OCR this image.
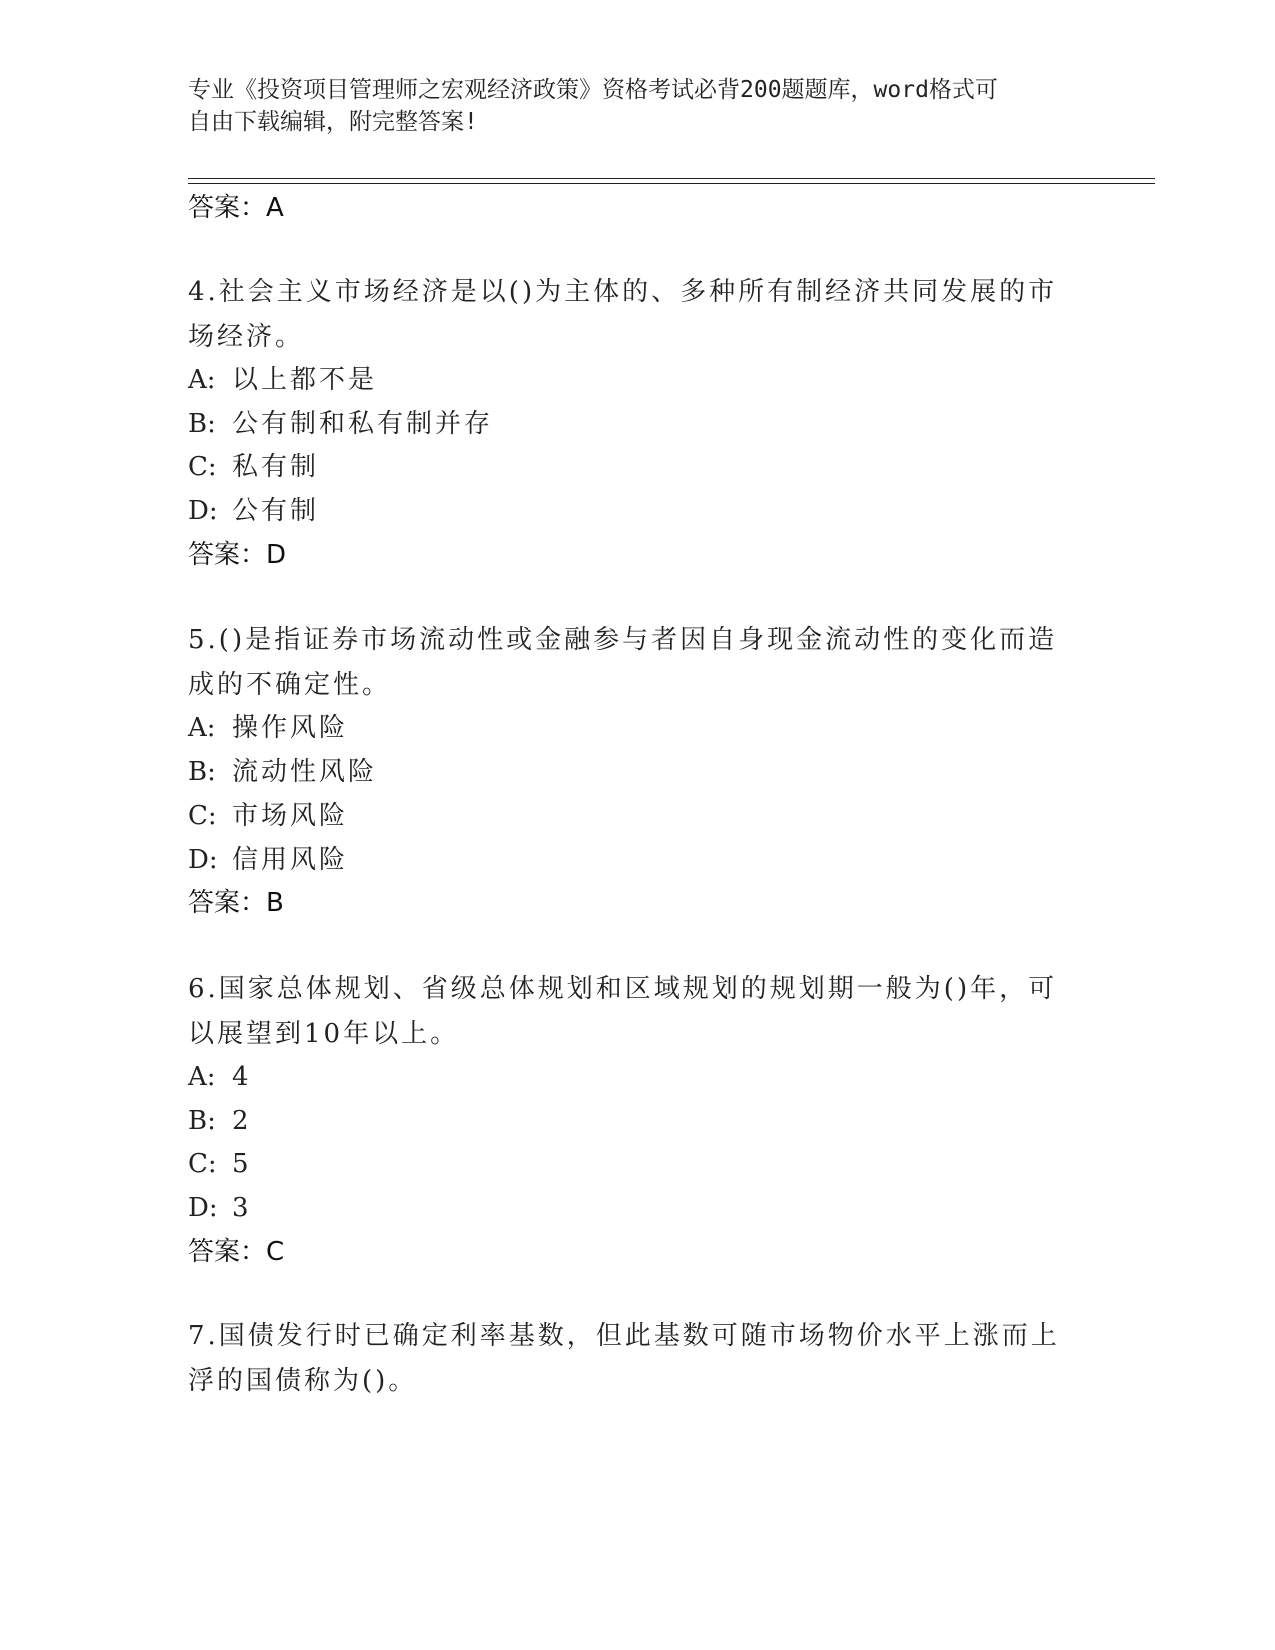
专业《投资项目管理师之宏观经济政策》资格考试必背200题题库，word格式可
自由下载编辑，附完整答案!
答案：A
4.社会主义市场经济是以()为主体的、多种所有制经济共同发展的市
场经济。
A: 以上都不是
B: 公有制和私有制并存
C: 私有制
D: 公有制
答案：D
5.()是指证券市场流动性或金融参与者因自身现金流动性的变化而造
成的不确定性。
A: 操作风险
B: 流动性风险
C: 市场风险
D: 信用风险
答案：B
6.国家总体规划、省级总体规划和区域规划的规划期一般为()年，可
以展望到10年以上。
A: 4
B: 2
C: 5
D: 3
答案：C
7.国债发行时已确定利率基数，但此基数可随市场物价水平上涨而上
浮的国债称为()。
